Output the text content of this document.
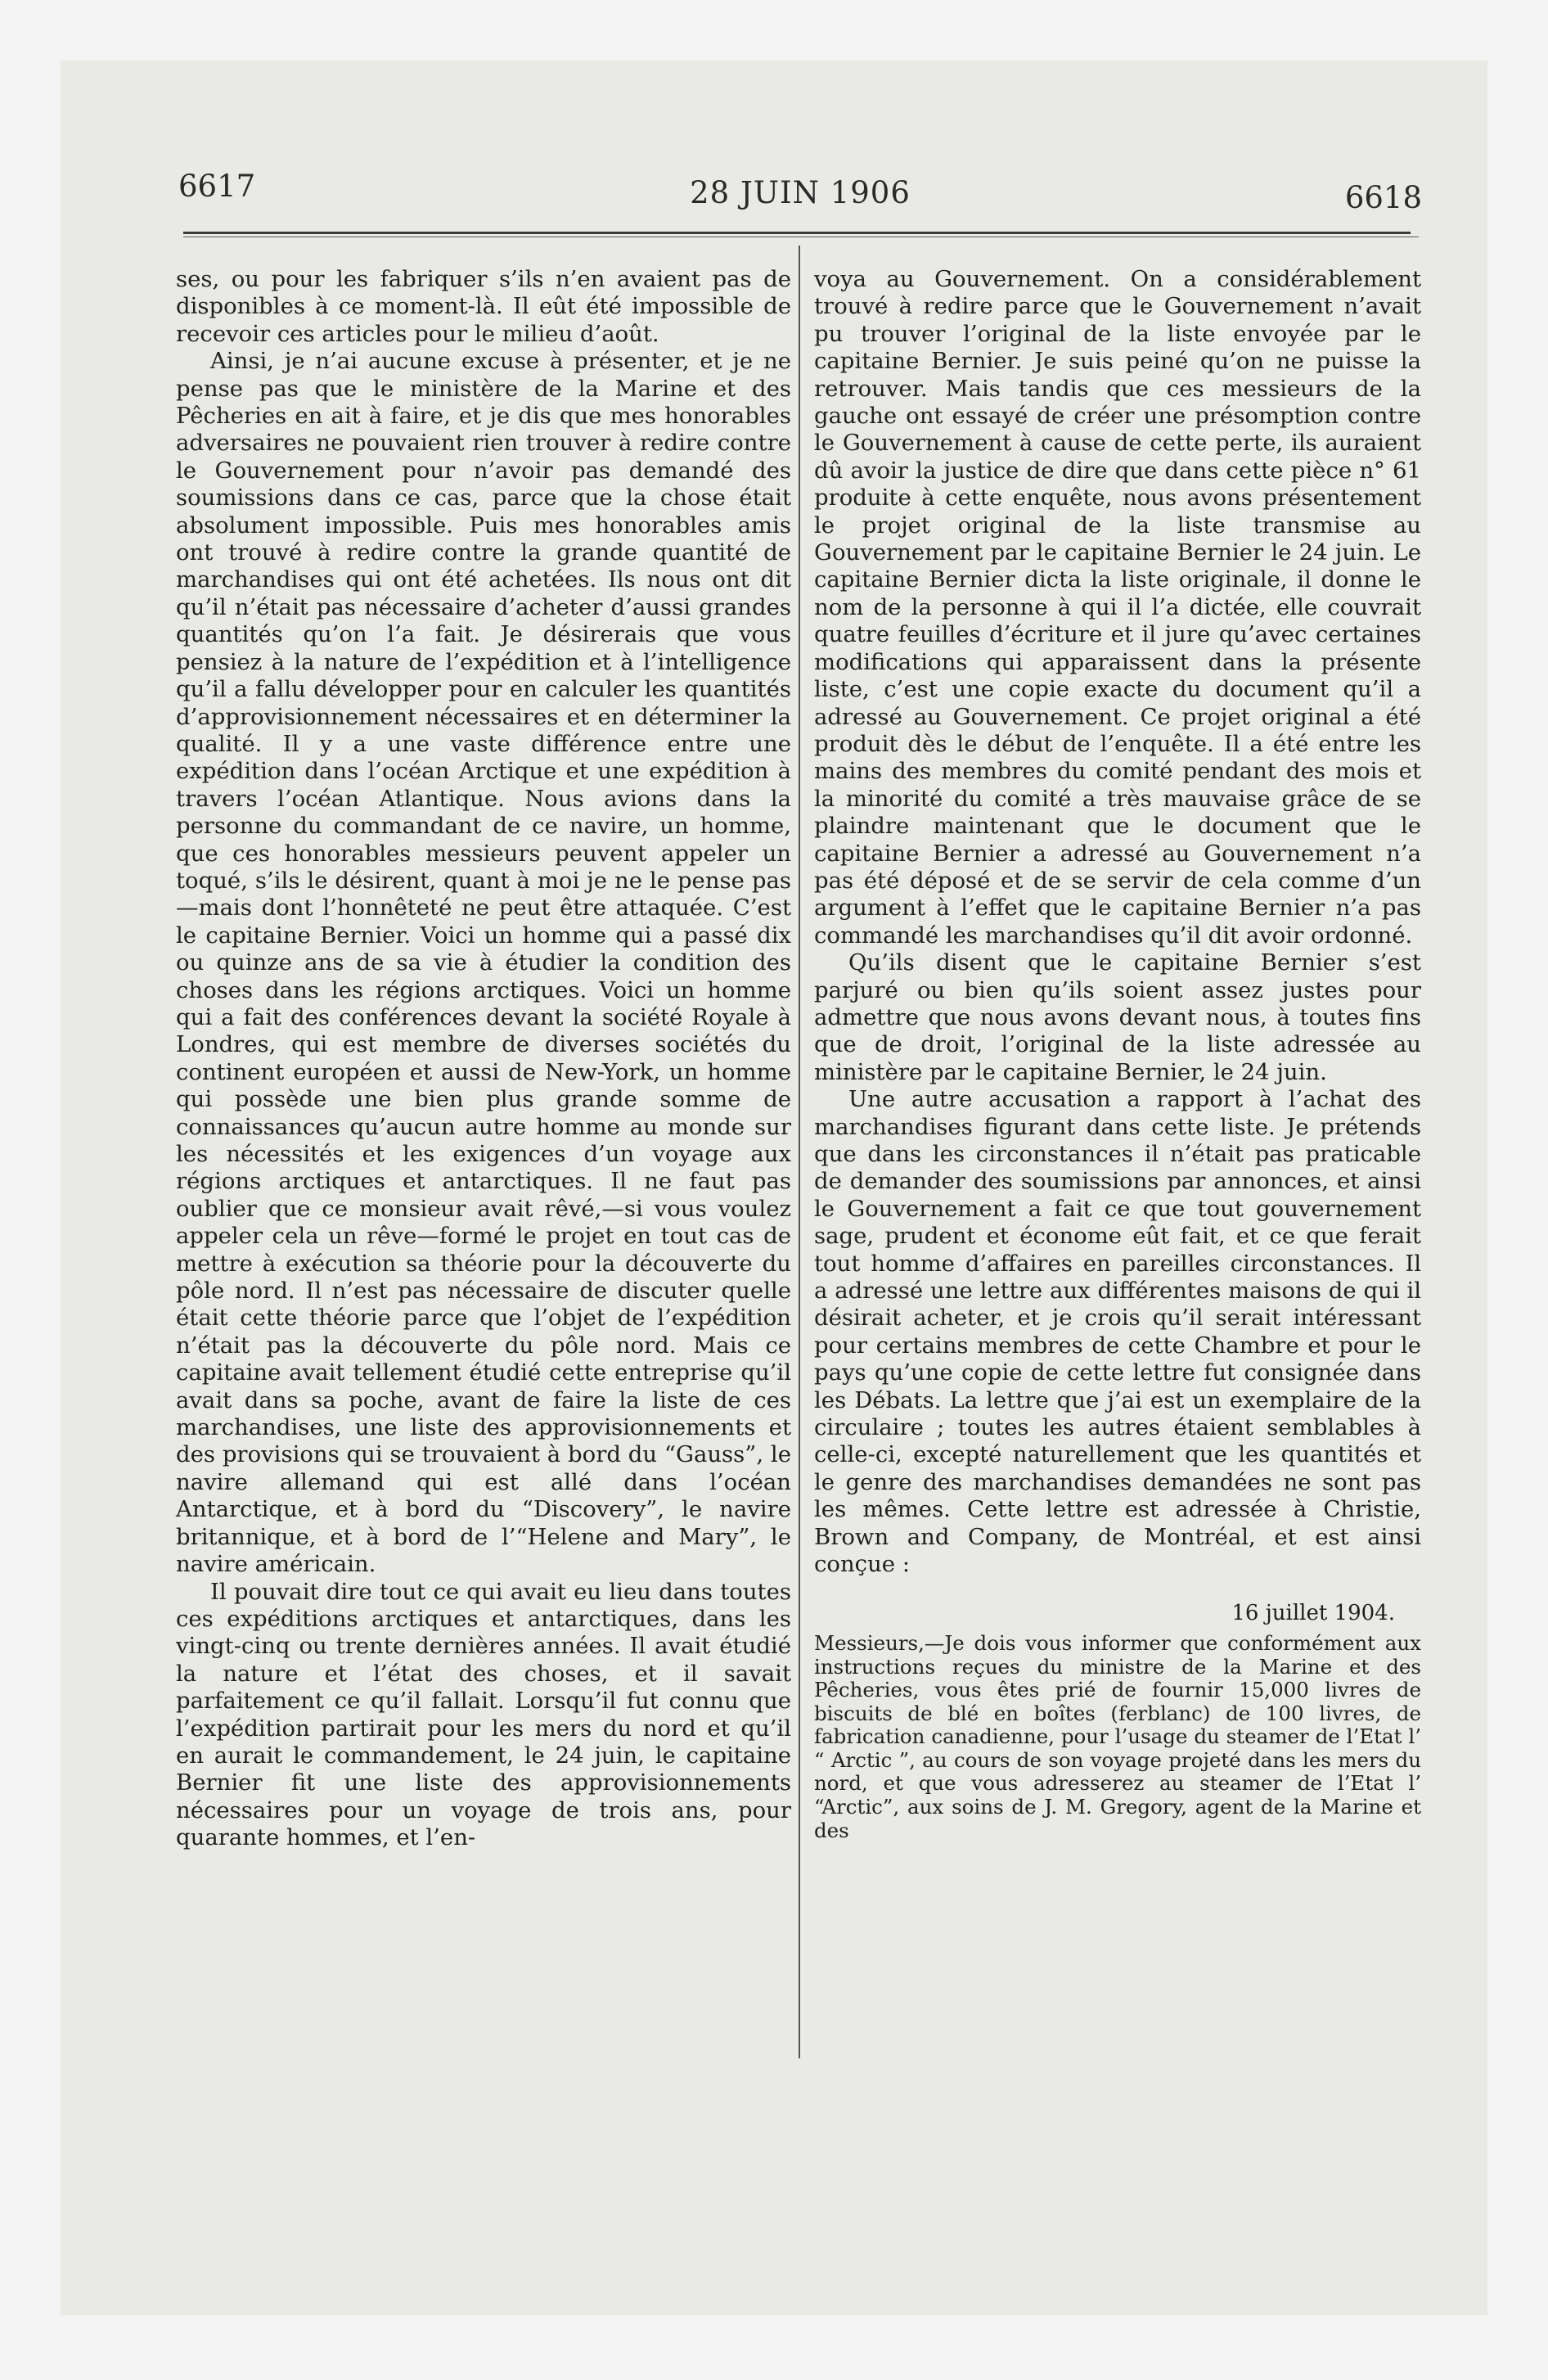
6617	28 JUIN 1906	6618

ses, ou pour les fabriquer s’ils n’en avaient pas de disponibles à ce moment-là. Il eût été impossible de recevoir ces articles pour le milieu d’août.

Ainsi, je n’ai aucune excuse à présenter, et je ne pense pas que le ministère de la Marine et des Pêcheries en ait à faire, et je dis que mes honorables adversaires ne pouvaient rien trouver à redire contre le Gouvernement pour n’avoir pas demandé des soumissions dans ce cas, parce que la chose était absolument impossible. Puis mes honorables amis ont trouvé à redire contre la grande quantité de marchandises qui ont été achetées. Ils nous ont dit qu’il n’était pas nécessaire d’acheter d’aussi grandes quantités qu’on l’a fait. Je désirerais que vous pensiez à la nature de l’expédition et à l’intelligence qu’il a fallu développer pour en calculer les quantités d’approvisionnement nécessaires et en déterminer la qualité. Il y a une vaste différence entre une expédition dans l’océan Arctique et une expédition à travers l’océan Atlantique. Nous avions dans la personne du commandant de ce navire, un homme, que ces honorables messieurs peuvent appeler un toqué, s’ils le désirent, quant à moi je ne le pense pas—mais dont l’honnêteté ne peut être attaquée. C’est le capitaine Bernier. Voici un homme qui a passé dix ou quinze ans de sa vie à étudier la condition des choses dans les régions arctiques. Voici un homme qui a fait des conférences devant la société Royale à Londres, qui est membre de diverses sociétés du continent européen et aussi de New-York, un homme qui possède une bien plus grande somme de connaissances qu’aucun autre homme au monde sur les nécessités et les exigences d’un voyage aux régions arctiques et antarctiques. Il ne faut pas oublier que ce monsieur avait rêvé,—si vous voulez appeler cela un rêve—formé le projet en tout cas de mettre à exécution sa théorie pour la découverte du pôle nord. Il n’est pas nécessaire de discuter quelle était cette théorie parce que l’objet de l’expédition n’était pas la découverte du pôle nord. Mais ce capitaine avait tellement étudié cette entreprise qu’il avait dans sa poche, avant de faire la liste de ces marchandises, une liste des approvisionnements et des provisions qui se trouvaient à bord du “Gauss”, le navire allemand qui est allé dans l’océan Antarctique, et à bord du “Discovery”, le navire britannique, et à bord de l’“Helene and Mary”, le navire américain.

Il pouvait dire tout ce qui avait eu lieu dans toutes ces expéditions arctiques et antarctiques, dans les vingt-cinq ou trente dernières années. Il avait étudié la nature et l’état des choses, et il savait parfaitement ce qu’il fallait. Lorsqu’il fut connu que l’expédition partirait pour les mers du nord et qu’il en aurait le commandement, le 24 juin, le capitaine Bernier fit une liste des approvisionnements nécessaires pour un voyage de trois ans, pour quarante hommes, et l’en-

voya au Gouvernement. On a considérablement trouvé à redire parce que le Gouvernement n’avait pu trouver l’original de la liste envoyée par le capitaine Bernier. Je suis peiné qu’on ne puisse la retrouver. Mais tandis que ces messieurs de la gauche ont essayé de créer une présomption contre le Gouvernement à cause de cette perte, ils auraient dû avoir la justice de dire que dans cette pièce n° 61 produite à cette enquête, nous avons présentement le projet original de la liste transmise au Gouvernement par le capitaine Bernier le 24 juin. Le capitaine Bernier dicta la liste originale, il donne le nom de la personne à qui il l’a dictée, elle couvrait quatre feuilles d’écriture et il jure qu’avec certaines modifications qui apparaissent dans la présente liste, c’est une copie exacte du document qu’il a adressé au Gouvernement. Ce projet original a été produit dès le début de l’enquête. Il a été entre les mains des membres du comité pendant des mois et la minorité du comité a très mauvaise grâce de se plaindre maintenant que le document que le capitaine Bernier a adressé au Gouvernement n’a pas été déposé et de se servir de cela comme d’un argument à l’effet que le capitaine Bernier n’a pas commandé les marchandises qu’il dit avoir ordonné.

Qu’ils disent que le capitaine Bernier s’est parjuré ou bien qu’ils soient assez justes pour admettre que nous avons devant nous, à toutes fins que de droit, l’original de la liste adressée au ministère par le capitaine Bernier, le 24 juin.

Une autre accusation a rapport à l’achat des marchandises figurant dans cette liste. Je prétends que dans les circonstances il n’était pas praticable de demander des soumissions par annonces, et ainsi le Gouvernement a fait ce que tout gouvernement sage, prudent et économe eût fait, et ce que ferait tout homme d’affaires en pareilles circonstances. Il a adressé une lettre aux différentes maisons de qui il désirait acheter, et je crois qu’il serait intéressant pour certains membres de cette Chambre et pour le pays qu’une copie de cette lettre fut consignée dans les Débats. La lettre que j’ai est un exemplaire de la circulaire ; toutes les autres étaient semblables à celle-ci, excepté naturellement que les quantités et le genre des marchandises demandées ne sont pas les mêmes. Cette lettre est adressée à Christie, Brown and Company, de Montréal, et est ainsi conçue :

16 juillet 1904.

Messieurs,—Je dois vous informer que conformément aux instructions reçues du ministre de la Marine et des Pêcheries, vous êtes prié de fournir 15,000 livres de biscuits de blé en boîtes (ferblanc) de 100 livres, de fabrication canadienne, pour l’usage du steamer de l’Etat l’ “ Arctic ”, au cours de son voyage projeté dans les mers du nord, et que vous adresserez au steamer de l’Etat l’ “Arctic”, aux soins de J. M. Gregory, agent de la Marine et des
